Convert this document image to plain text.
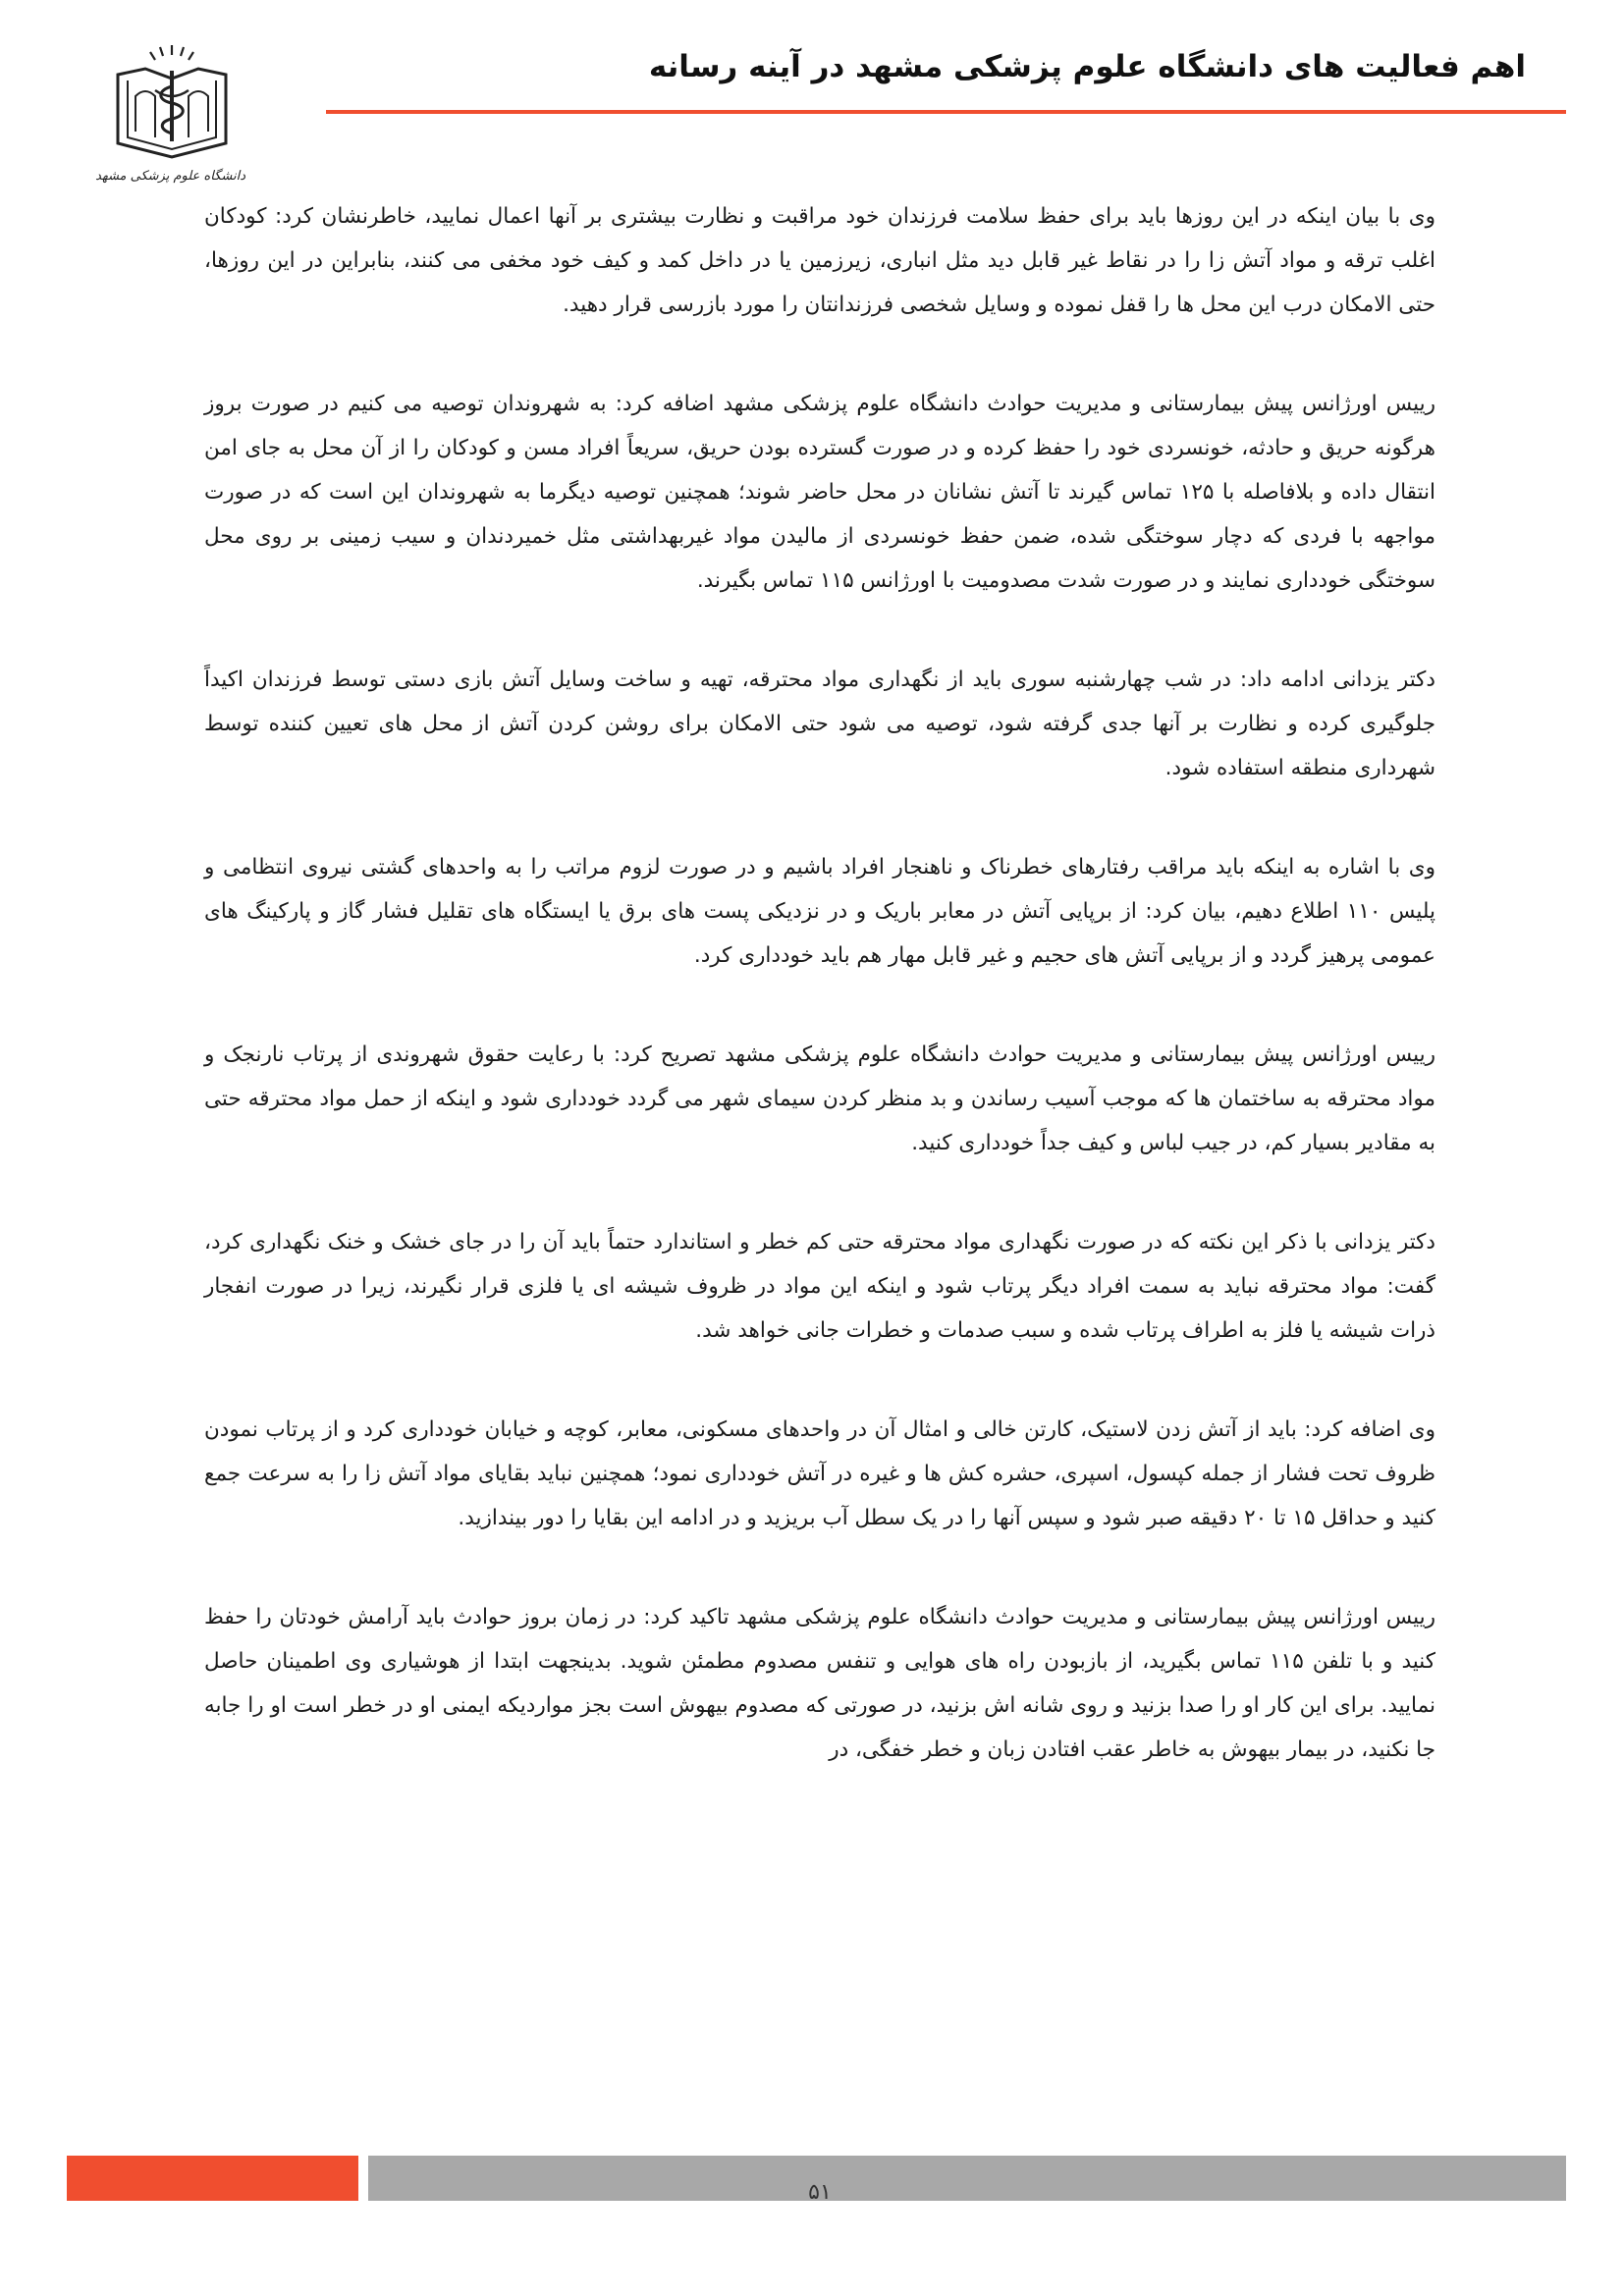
اهم فعالیت های دانشگاه علوم پزشکی مشهد در آینه رسانه
دانشگاه علوم پزشکی مشهد

وی با بیان اینکه در این روزها باید برای حفظ سلامت فرزندان خود مراقبت و نظارت بیشتری بر آنها اعمال نمایید، خاطرنشان کرد: کودکان اغلب ترقه و مواد آتش زا را در نقاط غیر قابل دید مثل انباری، زیرزمین یا در داخل کمد و کیف خود مخفی می کنند، بنابراین در این روزها، حتی الامکان درب این محل ها را قفل نموده و وسایل شخصی فرزندانتان را مورد بازرسی قرار دهید.

رییس اورژانس پیش بیمارستانی و مدیریت حوادث دانشگاه علوم پزشکی مشهد اضافه کرد: به شهروندان توصیه می کنیم در صورت بروز هرگونه حریق و حادثه، خونسردی خود را حفظ کرده و در صورت گسترده بودن حریق، سریعاً افراد مسن و کودکان را از آن محل به جای امن انتقال داده و بلافاصله با ۱۲۵ تماس گیرند تا آتش نشانان در محل حاضر شوند؛ همچنین توصیه دیگرما به شهروندان این است که در صورت مواجهه با فردی که دچار سوختگی شده، ضمن حفظ خونسردی از مالیدن مواد غیربهداشتی مثل خمیردندان و سیب زمینی بر روی محل سوختگی خودداری نمایند و در صورت شدت مصدومیت با اورژانس ۱۱۵ تماس بگیرند.

دکتر یزدانی ادامه داد: در شب چهارشنبه سوری باید از نگهداری مواد محترقه، تهیه و ساخت وسایل آتش بازی دستی توسط فرزندان اکیداً جلوگیری کرده و نظارت بر آنها جدی گرفته شود، توصیه می شود حتی الامکان برای روشن کردن آتش از محل های تعیین کننده توسط شهرداری منطقه استفاده شود.

وی با اشاره به اینکه باید مراقب رفتارهای خطرناک و ناهنجار افراد باشیم و در صورت لزوم مراتب را به واحدهای گشتی نیروی انتظامی و پلیس ۱۱۰ اطلاع دهیم، بیان کرد: از برپایی آتش در معابر باریک و در نزدیکی پست های برق یا ایستگاه های تقلیل فشار گاز و پارکینگ های عمومی پرهیز گردد و از برپایی آتش های حجیم و غیر قابل مهار هم باید خودداری کرد.

رییس اورژانس پیش بیمارستانی و مدیریت حوادث دانشگاه علوم پزشکی مشهد تصریح کرد: با رعایت حقوق شهروندی از پرتاب نارنجک و مواد محترقه به ساختمان ها که موجب آسیب رساندن و بد منظر کردن سیمای شهر می گردد خودداری شود و اینکه از حمل مواد محترقه حتی به مقادیر بسیار کم، در جیب لباس و کیف جداً خودداری کنید.

دکتر یزدانی با ذکر این نکته که در صورت نگهداری مواد محترقه حتی کم خطر و استاندارد حتماً باید آن را در جای خشک و خنک نگهداری کرد، گفت: مواد محترقه نباید به سمت افراد دیگر پرتاب شود و اینکه این مواد در ظروف شیشه ای یا فلزی قرار نگیرند، زیرا در صورت انفجار ذرات شیشه یا فلز به اطراف پرتاب شده و سبب صدمات و خطرات جانی خواهد شد.

وی اضافه کرد: باید از آتش زدن لاستیک، کارتن خالی و امثال آن در واحدهای مسکونی، معابر، کوچه و خیابان خودداری کرد و از پرتاب نمودن ظروف تحت فشار از جمله کپسول، اسپری، حشره کش ها و غیره در آتش خودداری نمود؛ همچنین نباید بقایای مواد آتش زا را به سرعت جمع کنید و حداقل ۱۵ تا ۲۰ دقیقه صبر شود و سپس آنها را در یک سطل آب بریزید و در ادامه این بقایا را دور بیندازید.

رییس اورژانس پیش بیمارستانی و مدیریت حوادث دانشگاه علوم پزشکی مشهد تاکید کرد: در زمان بروز حوادث باید آرامش خودتان را حفظ کنید و با تلفن ۱۱۵ تماس بگیرید، از بازبودن راه های هوایی و تنفس مصدوم مطمئن شوید. بدینجهت ابتدا از هوشیاری وی اطمینان حاصل نمایید. برای این کار او را صدا بزنید و روی شانه اش بزنید، در صورتی که مصدوم بیهوش است بجز مواردیکه ایمنی او در خطر است او را جابه جا نکنید، در بیمار بیهوش به خاطر عقب افتادن زبان و خطر خفگی، در

۵۱
